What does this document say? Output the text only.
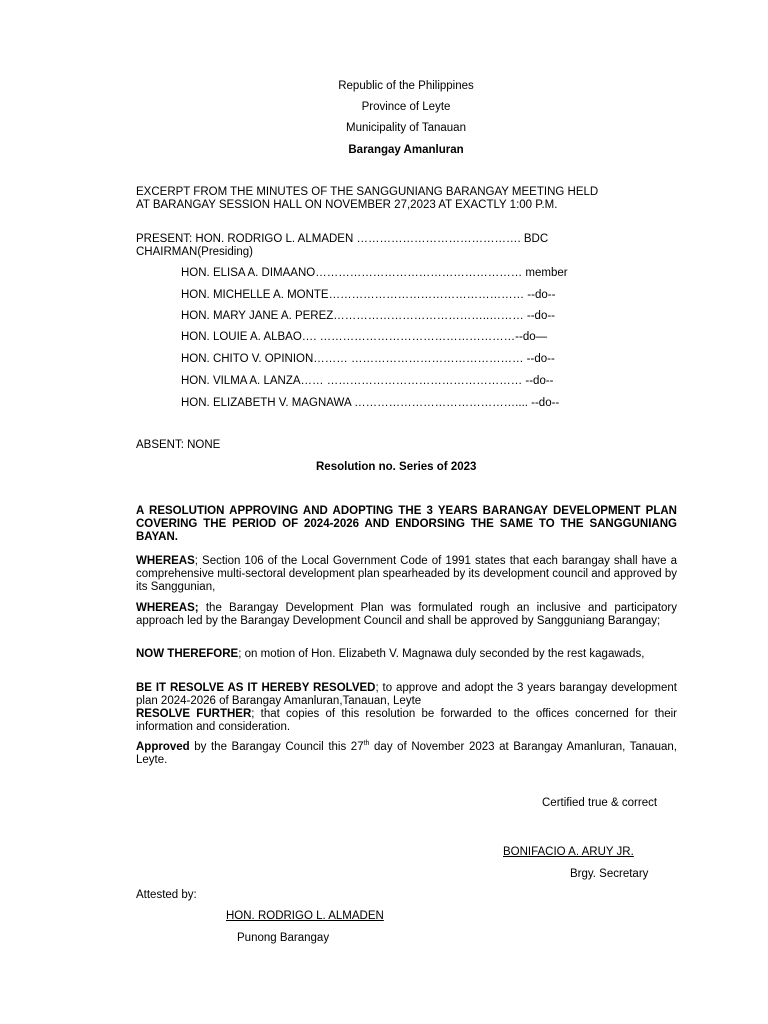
Republic of the Philippines
Province of Leyte
Municipality of Tanauan
Barangay Amanluran
EXCERPT FROM THE MINUTES OF THE SANGGUNIANG BARANGAY MEETING HELD
AT BARANGAY SESSION HALL ON NOVEMBER 27,2023 AT EXACTLY 1:00 P.M.
PRESENT: HON. RODRIGO L. ALMADEN ……………………………………. BDC
CHAIRMAN(Presiding)
HON. ELISA A. DIMAANO……………………………………………… member
HON. MICHELLE A. MONTE…………………………………………… --do--
HON. MARY JANE A. PEREZ…………………………………..……… --do--
HON. LOUIE A. ALBAO…. ……………………………………………--do—
HON. CHITO V. OPINION……… ……………………………………… --do--
HON. VILMA A. LANZA…… …………………………………………… --do--
HON. ELIZABETH V. MAGNAWA …………………………………….... --do--
ABSENT: NONE
Resolution no. Series of 2023
A RESOLUTION APPROVING AND ADOPTING THE 3 YEARS BARANGAY DEVELOPMENT PLAN COVERING THE PERIOD OF 2024-2026 AND ENDORSING THE SAME TO THE SANGGUNIANG BAYAN.
WHEREAS; Section 106 of the Local Government Code of 1991 states that each barangay shall have a comprehensive multi-sectoral development plan spearheaded by its development council and approved by its Sanggunian,
WHEREAS; the Barangay Development Plan was formulated rough an inclusive and participatory approach led by the Barangay Development Council and shall be approved by Sangguniang Barangay;
NOW THEREFORE; on motion of Hon. Elizabeth V. Magnawa duly seconded by the rest kagawads,
BE IT RESOLVE AS IT HEREBY RESOLVED; to approve and adopt the 3 years barangay development plan 2024-2026 of Barangay Amanluran,Tanauan, Leyte
RESOLVE FURTHER; that copies of this resolution be forwarded to the offices concerned for their information and consideration.
Approved by the Barangay Council this 27th day of November 2023 at Barangay Amanluran, Tanauan, Leyte.
Certified true & correct
BONIFACIO A. ARUY JR.
Brgy. Secretary
Attested by:
HON. RODRIGO L. ALMADEN
Punong Barangay
